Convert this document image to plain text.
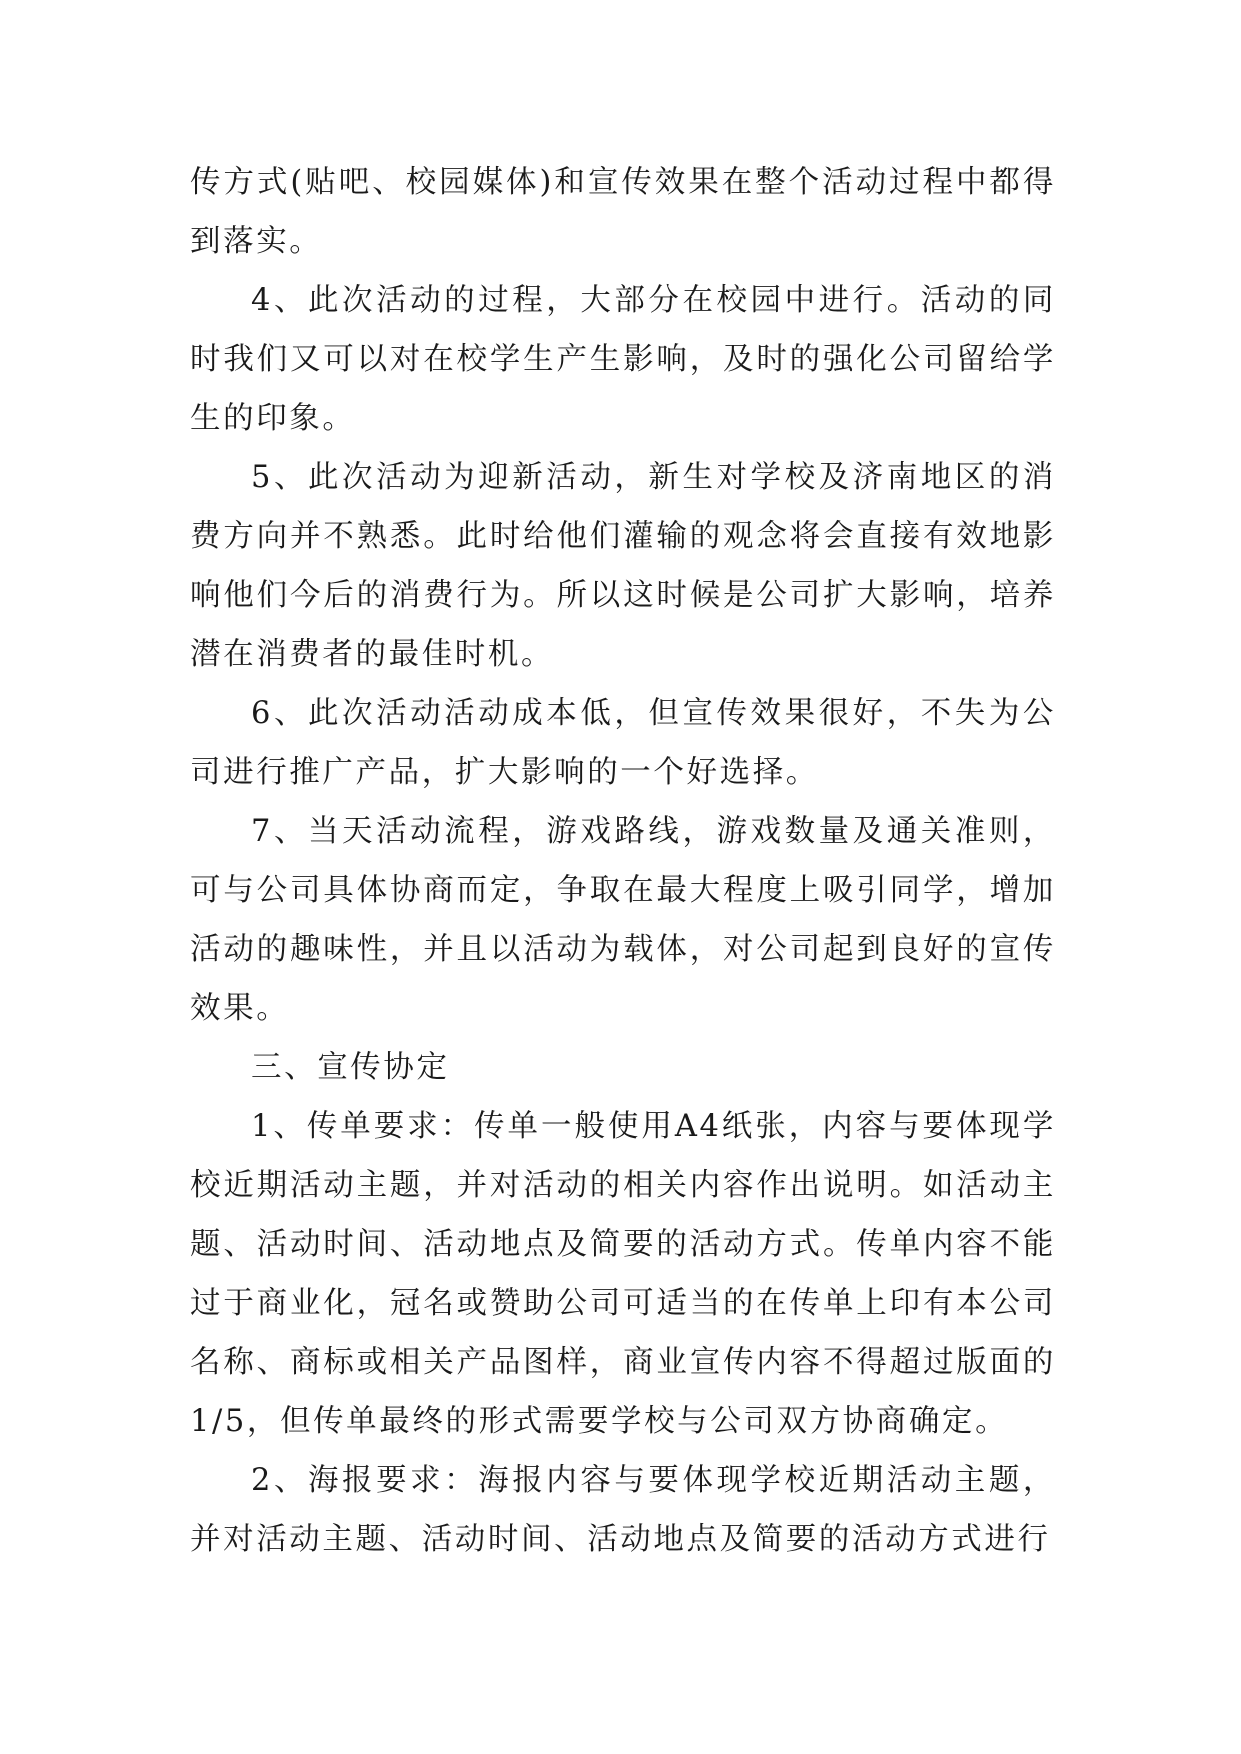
传方式(贴吧、校园媒体)和宣传效果在整个活动过程中都得到落实。

4、此次活动的过程，大部分在校园中进行。活动的同时我们又可以对在校学生产生影响，及时的强化公司留给学生的印象。

5、此次活动为迎新活动，新生对学校及济南地区的消费方向并不熟悉。此时给他们灌输的观念将会直接有效地影响他们今后的消费行为。所以这时候是公司扩大影响，培养潜在消费者的最佳时机。

6、此次活动活动成本低，但宣传效果很好，不失为公司进行推广产品，扩大影响的一个好选择。

7、当天活动流程，游戏路线，游戏数量及通关准则，可与公司具体协商而定，争取在最大程度上吸引同学，增加活动的趣味性，并且以活动为载体，对公司起到良好的宣传效果。

三、宣传协定

1、传单要求：传单一般使用A4纸张，内容与要体现学校近期活动主题，并对活动的相关内容作出说明。如活动主题、活动时间、活动地点及简要的活动方式。传单内容不能过于商业化，冠名或赞助公司可适当的在传单上印有本公司名称、商标或相关产品图样，商业宣传内容不得超过版面的1/5，但传单最终的形式需要学校与公司双方协商确定。

2、海报要求：海报内容与要体现学校近期活动主题，并对活动主题、活动时间、活动地点及简要的活动方式进行
